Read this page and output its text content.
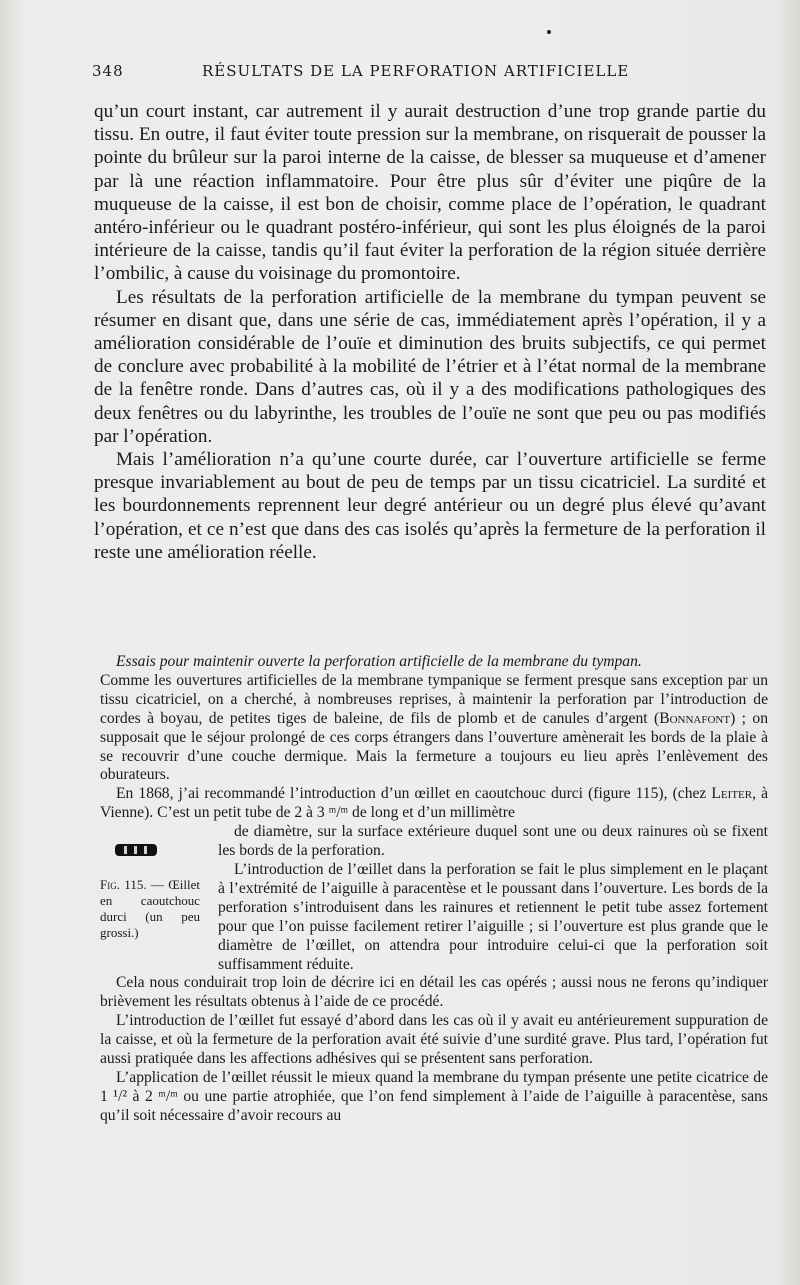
348	RÉSULTATS DE LA PERFORATION ARTIFICIELLE

qu’un court instant, car autrement il y aurait destruction d’une trop grande partie du tissu. En outre, il faut éviter toute pression sur la membrane, on risquerait de pousser la pointe du brûleur sur la paroi interne de la caisse, de blesser sa muqueuse et d’amener par là une réaction inflammatoire. Pour être plus sûr d’éviter une piqûre de la muqueuse de la caisse, il est bon de choisir, comme place de l’opération, le quadrant antéro-inférieur ou le quadrant postéro-inférieur, qui sont les plus éloignés de la paroi intérieure de la caisse, tandis qu’il faut éviter la perforation de la région située derrière l’ombilic, à cause du voisinage du promontoire.

Les résultats de la perforation artificielle de la membrane du tympan peuvent se résumer en disant que, dans une série de cas, immédiatement après l’opération, il y a amélioration considérable de l’ouïe et diminution des bruits subjectifs, ce qui permet de conclure avec probabilité à la mobilité de l’étrier et à l’état normal de la membrane de la fenêtre ronde. Dans d’autres cas, où il y a des modifications pathologiques des deux fenêtres ou du labyrinthe, les troubles de l’ouïe ne sont que peu ou pas modifiés par l’opération.

Mais l’amélioration n’a qu’une courte durée, car l’ouverture artificielle se ferme presque invariablement au bout de peu de temps par un tissu cicatriciel. La surdité et les bourdonnements reprennent leur degré antérieur ou un degré plus élevé qu’avant l’opération, et ce n’est que dans des cas isolés qu’après la fermeture de la perforation il reste une amélioration réelle.

Essais pour maintenir ouverte la perforation artificielle de la membrane du tympan.

Comme les ouvertures artificielles de la membrane tympanique se ferment presque sans exception par un tissu cicatriciel, on a cherché, à nombreuses reprises, à maintenir la perforation par l’introduction de cordes à boyau, de petites tiges de baleine, de fils de plomb et de canules d’argent (Bonnafont) ; on supposait que le séjour prolongé de ces corps étrangers dans l’ouverture amènerait les bords de la plaie à se recouvrir d’une couche dermique. Mais la fermeture a toujours eu lieu après l’enlèvement des oburateurs.

En 1868, j’ai recommandé l’introduction d’un œillet en caoutchouc durci (figure 115), (chez Leiter, à Vienne). C’est un petit tube de 2 à 3 ᵐ/ᵐ de long et d’un millimètre

Fig. 115. — Œillet en caoutchouc durci (un peu grossi.)

de diamètre, sur la surface extérieure duquel sont une ou deux rainures où se fixent les bords de la perforation.

L’introduction de l’œillet dans la perforation se fait le plus simplement en le plaçant à l’extrémité de l’aiguille à paracentèse et le poussant dans l’ouverture. Les bords de la perforation s’introduisent dans les rainures et retiennent le petit tube assez fortement pour que l’on puisse facilement retirer l’aiguille ; si l’ouverture est plus grande que le diamètre de l’œillet, on attendra pour introduire celui-ci que la perforation soit suffisamment réduite.

Cela nous conduirait trop loin de décrire ici en détail les cas opérés ; aussi nous ne ferons qu’indiquer brièvement les résultats obtenus à l’aide de ce procédé.

L’introduction de l’œillet fut essayé d’abord dans les cas où il y avait eu antérieurement suppuration de la caisse, et où la fermeture de la perforation avait été suivie d’une surdité grave. Plus tard, l’opération fut aussi pratiquée dans les affections adhésives qui se présentent sans perforation.

L’application de l’œillet réussit le mieux quand la membrane du tympan présente une petite cicatrice de 1 ¹/² à 2 ᵐ/ᵐ ou une partie atrophiée, que l’on fend simplement à l’aide de l’aiguille à paracentèse, sans qu’il soit nécessaire d’avoir recours au
